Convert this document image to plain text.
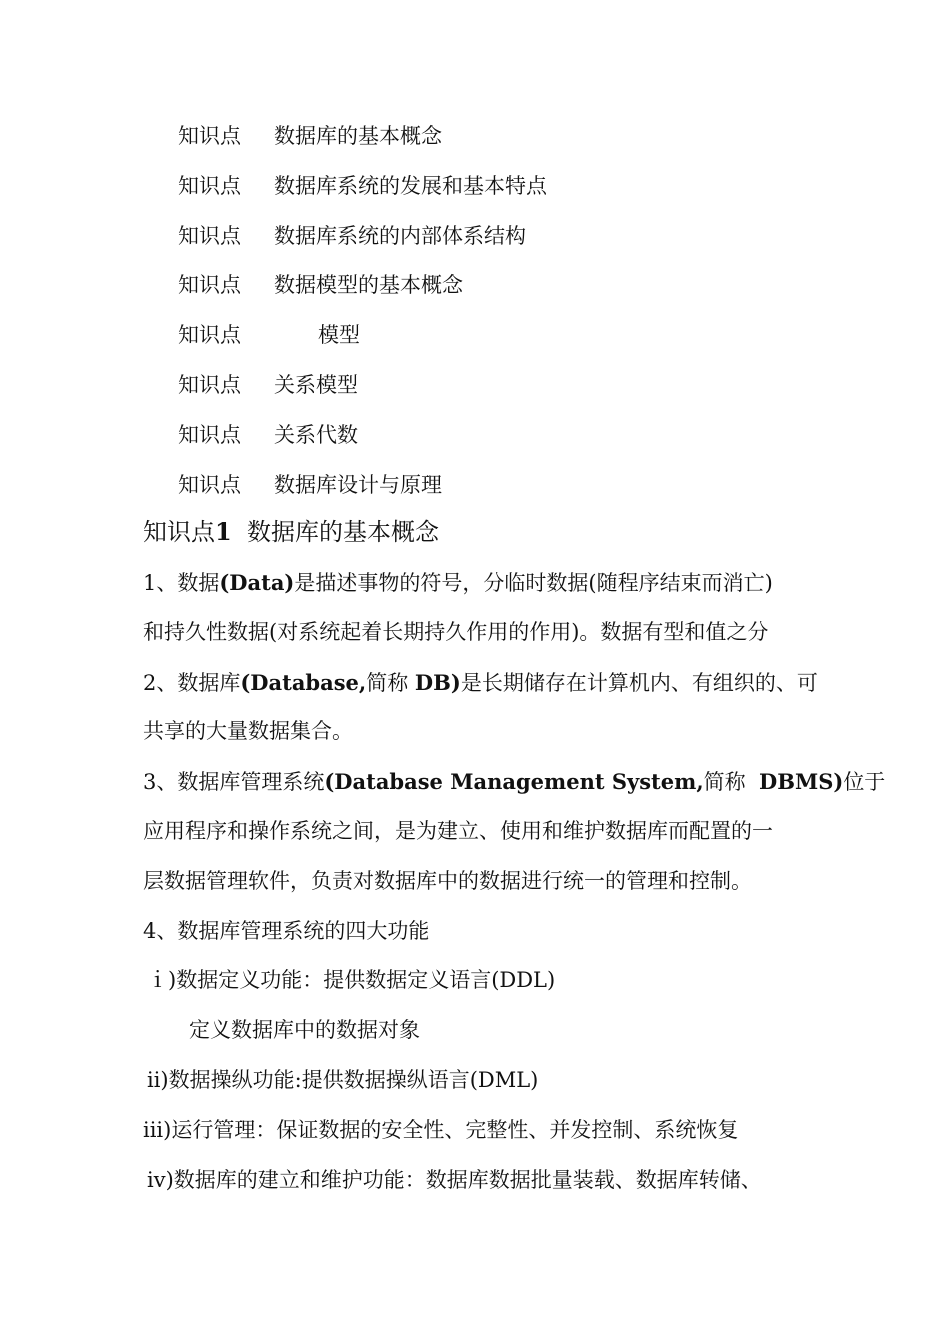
知识点 数据库的基本概念
知识点 数据库系统的发展和基本特点
知识点 数据库系统的内部体系结构
知识点 数据模型的基本概念
知识点	模型
知识点 关系模型
知识点 关系代数
知识点 数据库设计与原理
知识点1 数据库的基本概念
1、数据(Data)是描述事物的符号，分临时数据(随程序结束而消亡)
和持久性数据(对系统起着长期持久作用的作用)。数据有型和值之分
2、数据库(Database,简称 DB)是长期储存在计算机内、有组织的、可
共享的大量数据集合。
3、数据库管理系统(Database Management System,简称  DBMS)位于
应用程序和操作系统之间，是为建立、使用和维护数据库而配置的一
层数据管理软件，负责对数据库中的数据进行统一的管理和控制。
4、数据库管理系统的四大功能
ｉ)数据定义功能：提供数据定义语言(DDL)
定义数据库中的数据对象
ⅱ)数据操纵功能:提供数据操纵语言(DML)
iii)运行管理：保证数据的安全性、完整性、并发控制、系统恢复
ⅳ)数据库的建立和维护功能：数据库数据批量装载、数据库转储、
